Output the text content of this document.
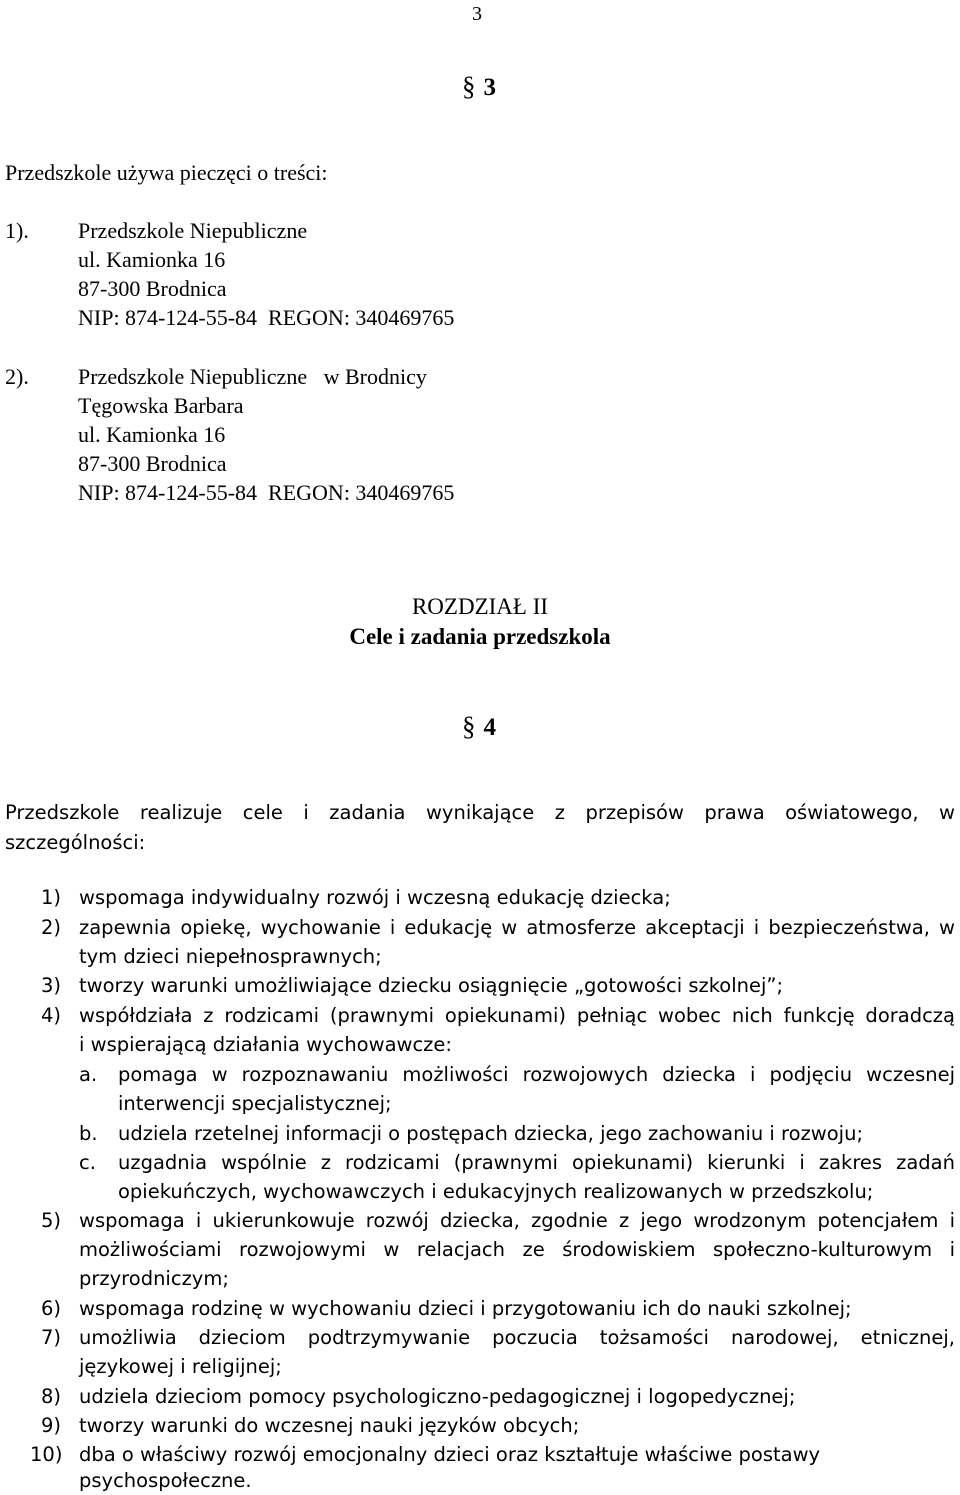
3
§ 3
Przedszkole używa pieczęci o treści:
1). Przedszkole Niepubliczne
ul. Kamionka 16
87-300 Brodnica
NIP: 874-124-55-84  REGON: 340469765
2). Przedszkole Niepubliczne   w Brodnicy
Tęgowska Barbara
ul. Kamionka 16
87-300 Brodnica
NIP: 874-124-55-84  REGON: 340469765
ROZDZIAŁ II
Cele i zadania przedszkola
§ 4
Przedszkole realizuje cele i zadania wynikające z przepisów prawa oświatowego, w
szczególności:
1) wspomaga indywidualny rozwój i wczesną edukację dziecka;
2) zapewnia opiekę, wychowanie i edukację w atmosferze akceptacji i bezpieczeństwa, w
tym dzieci niepełnosprawnych;
3) tworzy warunki umożliwiające dziecku osiągnięcie „gotowości szkolnej”;
4) współdziała z rodzicami (prawnymi opiekunami) pełniąc wobec nich funkcję doradczą
i wspierającą działania wychowawcze:
a. pomaga w rozpoznawaniu możliwości rozwojowych dziecka i podjęciu wczesnej
interwencji specjalistycznej;
b. udziela rzetelnej informacji o postępach dziecka, jego zachowaniu i rozwoju;
c. uzgadnia wspólnie z rodzicami (prawnymi opiekunami) kierunki i zakres zadań
opiekuńczych, wychowawczych i edukacyjnych realizowanych w przedszkolu;
5) wspomaga i ukierunkowuje rozwój dziecka, zgodnie z jego wrodzonym potencjałem i
możliwościami rozwojowymi w relacjach ze środowiskiem społeczno-kulturowym i
przyrodniczym;
6) wspomaga rodzinę w wychowaniu dzieci i przygotowaniu ich do nauki szkolnej;
7) umożliwia dzieciom podtrzymywanie poczucia tożsamości narodowej, etnicznej,
językowej i religijnej;
8) udziela dzieciom pomocy psychologiczno-pedagogicznej i logopedycznej;
9) tworzy warunki do wczesnej nauki języków obcych;
10) dba o właściwy rozwój emocjonalny dzieci oraz kształtuje właściwe postawy
psychospołeczne.
